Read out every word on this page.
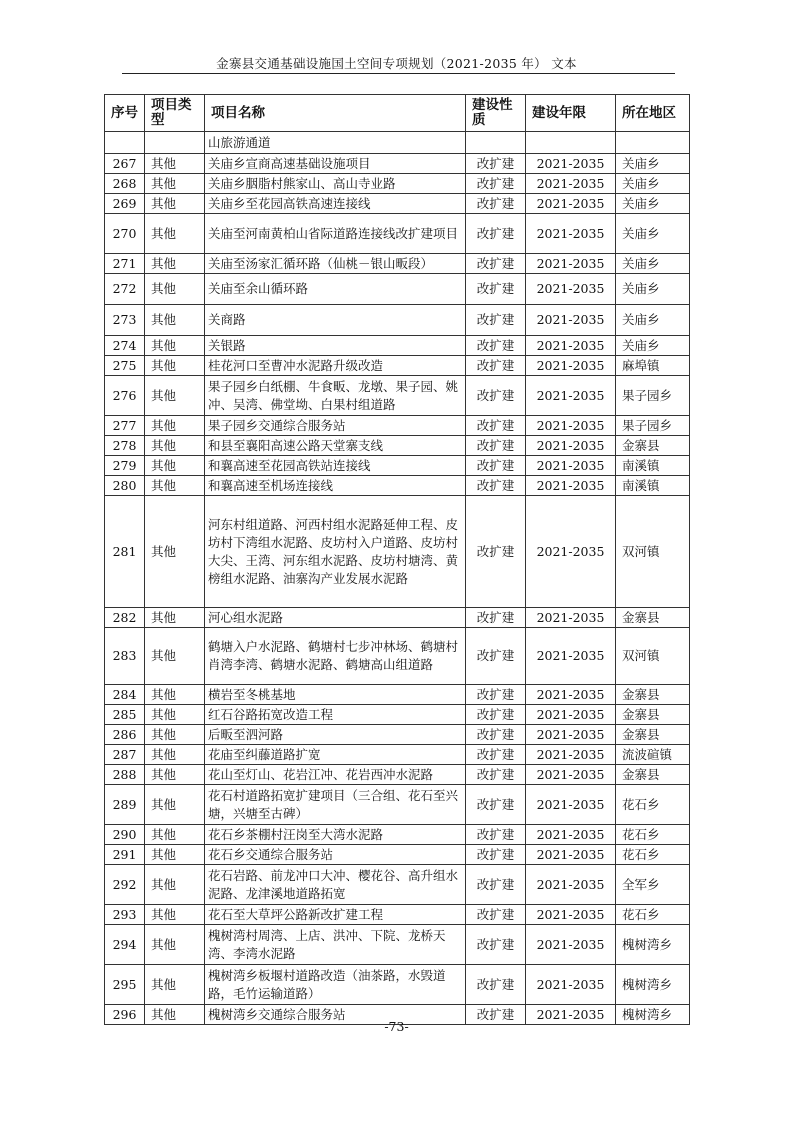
金寨县交通基础设施国土空间专项规划（2021-2035 年） 文本
序号	项目类型	项目名称	建设性质	建设年限	所在地区
		山旅游通道			
267	其他	关庙乡宣商高速基础设施项目	改扩建	2021-2035	关庙乡
268	其他	关庙乡胭脂村熊家山、高山寺业路	改扩建	2021-2035	关庙乡
269	其他	关庙乡至花园高铁高速连接线	改扩建	2021-2035	关庙乡
270	其他	关庙至河南黄柏山省际道路连接线改扩建项目	改扩建	2021-2035	关庙乡
271	其他	关庙至汤家汇循环路（仙桃－银山畈段）	改扩建	2021-2035	关庙乡
272	其他	关庙至余山循环路	改扩建	2021-2035	关庙乡
273	其他	关商路	改扩建	2021-2035	关庙乡
274	其他	关银路	改扩建	2021-2035	关庙乡
275	其他	桂花河口至曹冲水泥路升级改造	改扩建	2021-2035	麻埠镇
276	其他	果子园乡白纸棚、牛食畈、龙墩、果子园、姚冲、吴湾、佛堂坳、白果村组道路	改扩建	2021-2035	果子园乡
277	其他	果子园乡交通综合服务站	改扩建	2021-2035	果子园乡
278	其他	和县至襄阳高速公路天堂寨支线	改扩建	2021-2035	金寨县
279	其他	和襄高速至花园高铁站连接线	改扩建	2021-2035	南溪镇
280	其他	和襄高速至机场连接线	改扩建	2021-2035	南溪镇
281	其他	河东村组道路、河西村组水泥路延伸工程、皮坊村下湾组水泥路、皮坊村入户道路、皮坊村大尖、王湾、河东组水泥路、皮坊村塘湾、黄榜组水泥路、油寨沟产业发展水泥路	改扩建	2021-2035	双河镇
282	其他	河心组水泥路	改扩建	2021-2035	金寨县
283	其他	鹤塘入户水泥路、鹤塘村七步冲林场、鹤塘村肖湾李湾、鹤塘水泥路、鹤塘高山组道路	改扩建	2021-2035	双河镇
284	其他	横岩至冬桃基地	改扩建	2021-2035	金寨县
285	其他	红石谷路拓宽改造工程	改扩建	2021-2035	金寨县
286	其他	后畈至泗河路	改扩建	2021-2035	金寨县
287	其他	花庙至纠藤道路扩宽	改扩建	2021-2035	流波碹镇
288	其他	花山至灯山、花岩江冲、花岩西冲水泥路	改扩建	2021-2035	金寨县
289	其他	花石村道路拓宽扩建项目（三合组、花石至兴塘，兴塘至古碑）	改扩建	2021-2035	花石乡
290	其他	花石乡茶棚村汪岗至大湾水泥路	改扩建	2021-2035	花石乡
291	其他	花石乡交通综合服务站	改扩建	2021-2035	花石乡
292	其他	花石岩路、前龙冲口大冲、樱花谷、高升组水泥路、龙津溪地道路拓宽	改扩建	2021-2035	全军乡
293	其他	花石至大草坪公路新改扩建工程	改扩建	2021-2035	花石乡
294	其他	槐树湾村周湾、上店、洪冲、下院、龙桥天湾、李湾水泥路	改扩建	2021-2035	槐树湾乡
295	其他	槐树湾乡板堰村道路改造（油茶路，水毁道路，毛竹运输道路）	改扩建	2021-2035	槐树湾乡
296	其他	槐树湾乡交通综合服务站	改扩建	2021-2035	槐树湾乡
-73-
